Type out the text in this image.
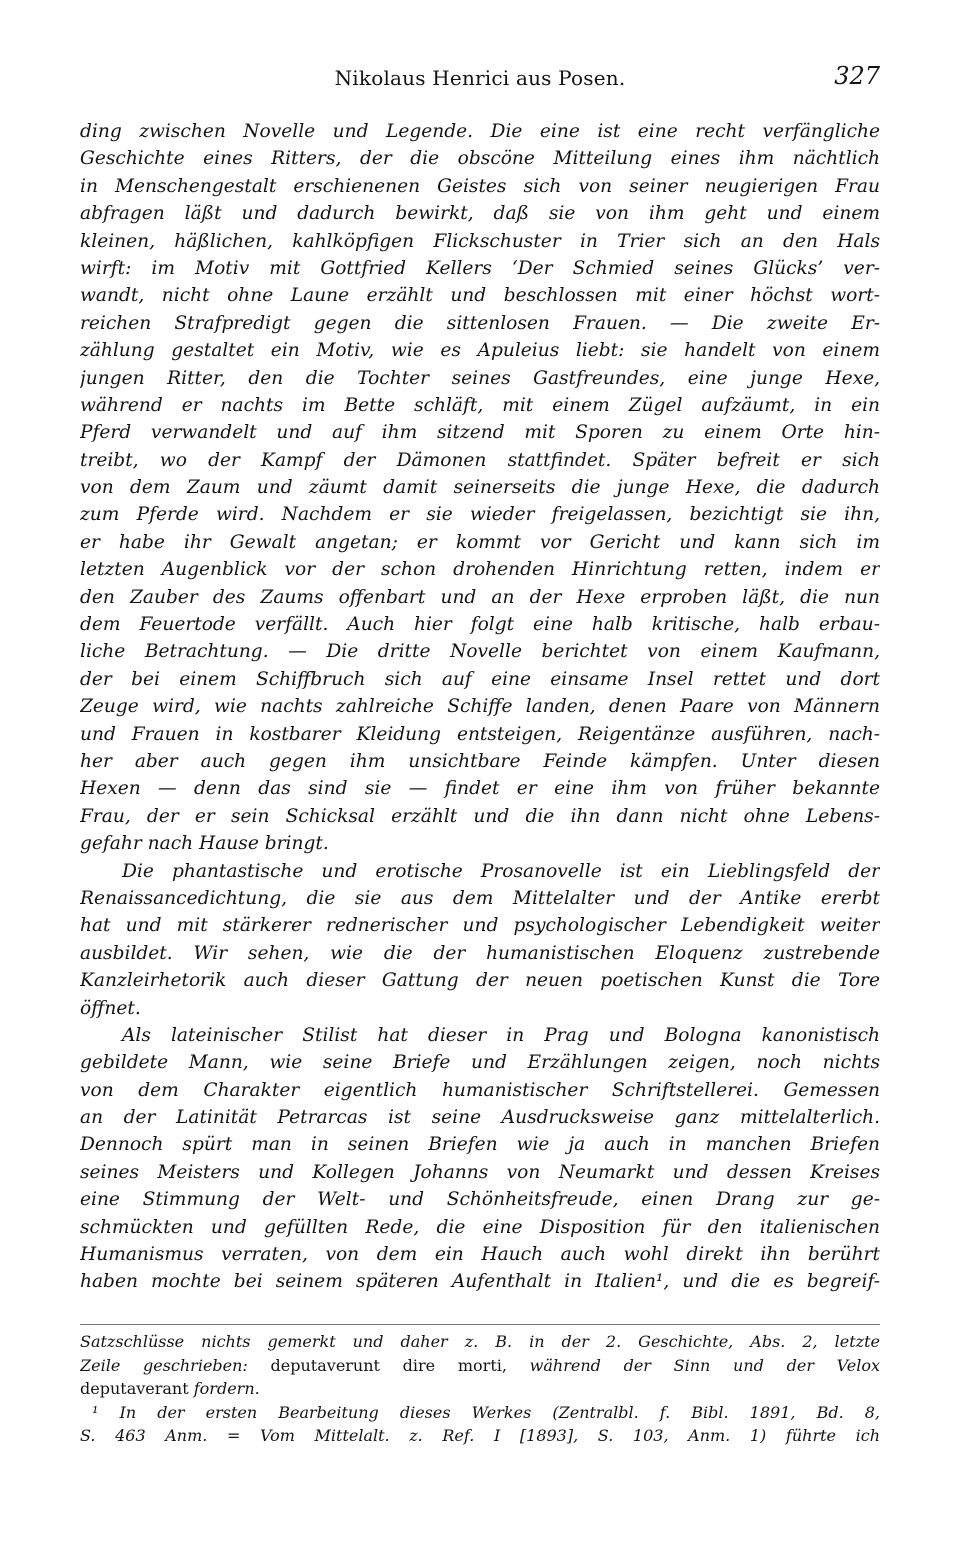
Nikolaus Henrici aus Posen.	327
ding zwischen Novelle und Legende. Die eine ist eine recht verfängliche
Geschichte eines Ritters, der die obscöne Mitteilung eines ihm nächtlich
in Menschengestalt erschienenen Geistes sich von seiner neugierigen Frau
abfragen läßt und dadurch bewirkt, daß sie von ihm geht und einem
kleinen, häßlichen, kahlköpfigen Flickschuster in Trier sich an den Hals
wirft: im Motiv mit Gottfried Kellers ‘Der Schmied seines Glücks’ ver-
wandt, nicht ohne Laune erzählt und beschlossen mit einer höchst wort-
reichen Strafpredigt gegen die sittenlosen Frauen. — Die zweite Er-
zählung gestaltet ein Motiv, wie es Apuleius liebt: sie handelt von einem
jungen Ritter, den die Tochter seines Gastfreundes, eine junge Hexe,
während er nachts im Bette schläft, mit einem Zügel aufzäumt, in ein
Pferd verwandelt und auf ihm sitzend mit Sporen zu einem Orte hin-
treibt, wo der Kampf der Dämonen stattfindet. Später befreit er sich
von dem Zaum und zäumt damit seinerseits die junge Hexe, die dadurch
zum Pferde wird. Nachdem er sie wieder freigelassen, bezichtigt sie ihn,
er habe ihr Gewalt angetan; er kommt vor Gericht und kann sich im
letzten Augenblick vor der schon drohenden Hinrichtung retten, indem er
den Zauber des Zaums offenbart und an der Hexe erproben läßt, die nun
dem Feuertode verfällt. Auch hier folgt eine halb kritische, halb erbau-
liche Betrachtung. — Die dritte Novelle berichtet von einem Kaufmann,
der bei einem Schiffbruch sich auf eine einsame Insel rettet und dort
Zeuge wird, wie nachts zahlreiche Schiffe landen, denen Paare von Männern
und Frauen in kostbarer Kleidung entsteigen, Reigentänze ausführen, nach-
her aber auch gegen ihm unsichtbare Feinde kämpfen. Unter diesen
Hexen — denn das sind sie — findet er eine ihm von früher bekannte
Frau, der er sein Schicksal erzählt und die ihn dann nicht ohne Lebens-
gefahr nach Hause bringt.
Die phantastische und erotische Prosanovelle ist ein Lieblingsfeld der
Renaissancedichtung, die sie aus dem Mittelalter und der Antike ererbt
hat und mit stärkerer rednerischer und psychologischer Lebendigkeit weiter
ausbildet. Wir sehen, wie die der humanistischen Eloquenz zustrebende
Kanzleirhetorik auch dieser Gattung der neuen poetischen Kunst die Tore
öffnet.
Als lateinischer Stilist hat dieser in Prag und Bologna kanonistisch
gebildete Mann, wie seine Briefe und Erzählungen zeigen, noch nichts
von dem Charakter eigentlich humanistischer Schriftstellerei. Gemessen
an der Latinität Petrarcas ist seine Ausdrucksweise ganz mittelalterlich.
Dennoch spürt man in seinen Briefen wie ja auch in manchen Briefen
seines Meisters und Kollegen Johanns von Neumarkt und dessen Kreises
eine Stimmung der Welt- und Schönheitsfreude, einen Drang zur ge-
schmückten und gefüllten Rede, die eine Disposition für den italienischen
Humanismus verraten, von dem ein Hauch auch wohl direkt ihn berührt
haben mochte bei seinem späteren Aufenthalt in Italien¹, und die es begreif-
Satzschlüsse nichts gemerkt und daher z. B. in der 2. Geschichte, Abs. 2, letzte
Zeile geschrieben: deputaverunt dire morti, während der Sinn und der Velox
deputaverant fordern.
¹ In der ersten Bearbeitung dieses Werkes (Zentralbl. f. Bibl. 1891, Bd. 8,
S. 463 Anm. = Vom Mittelalt. z. Ref. I [1893], S. 103, Anm. 1) führte ich
